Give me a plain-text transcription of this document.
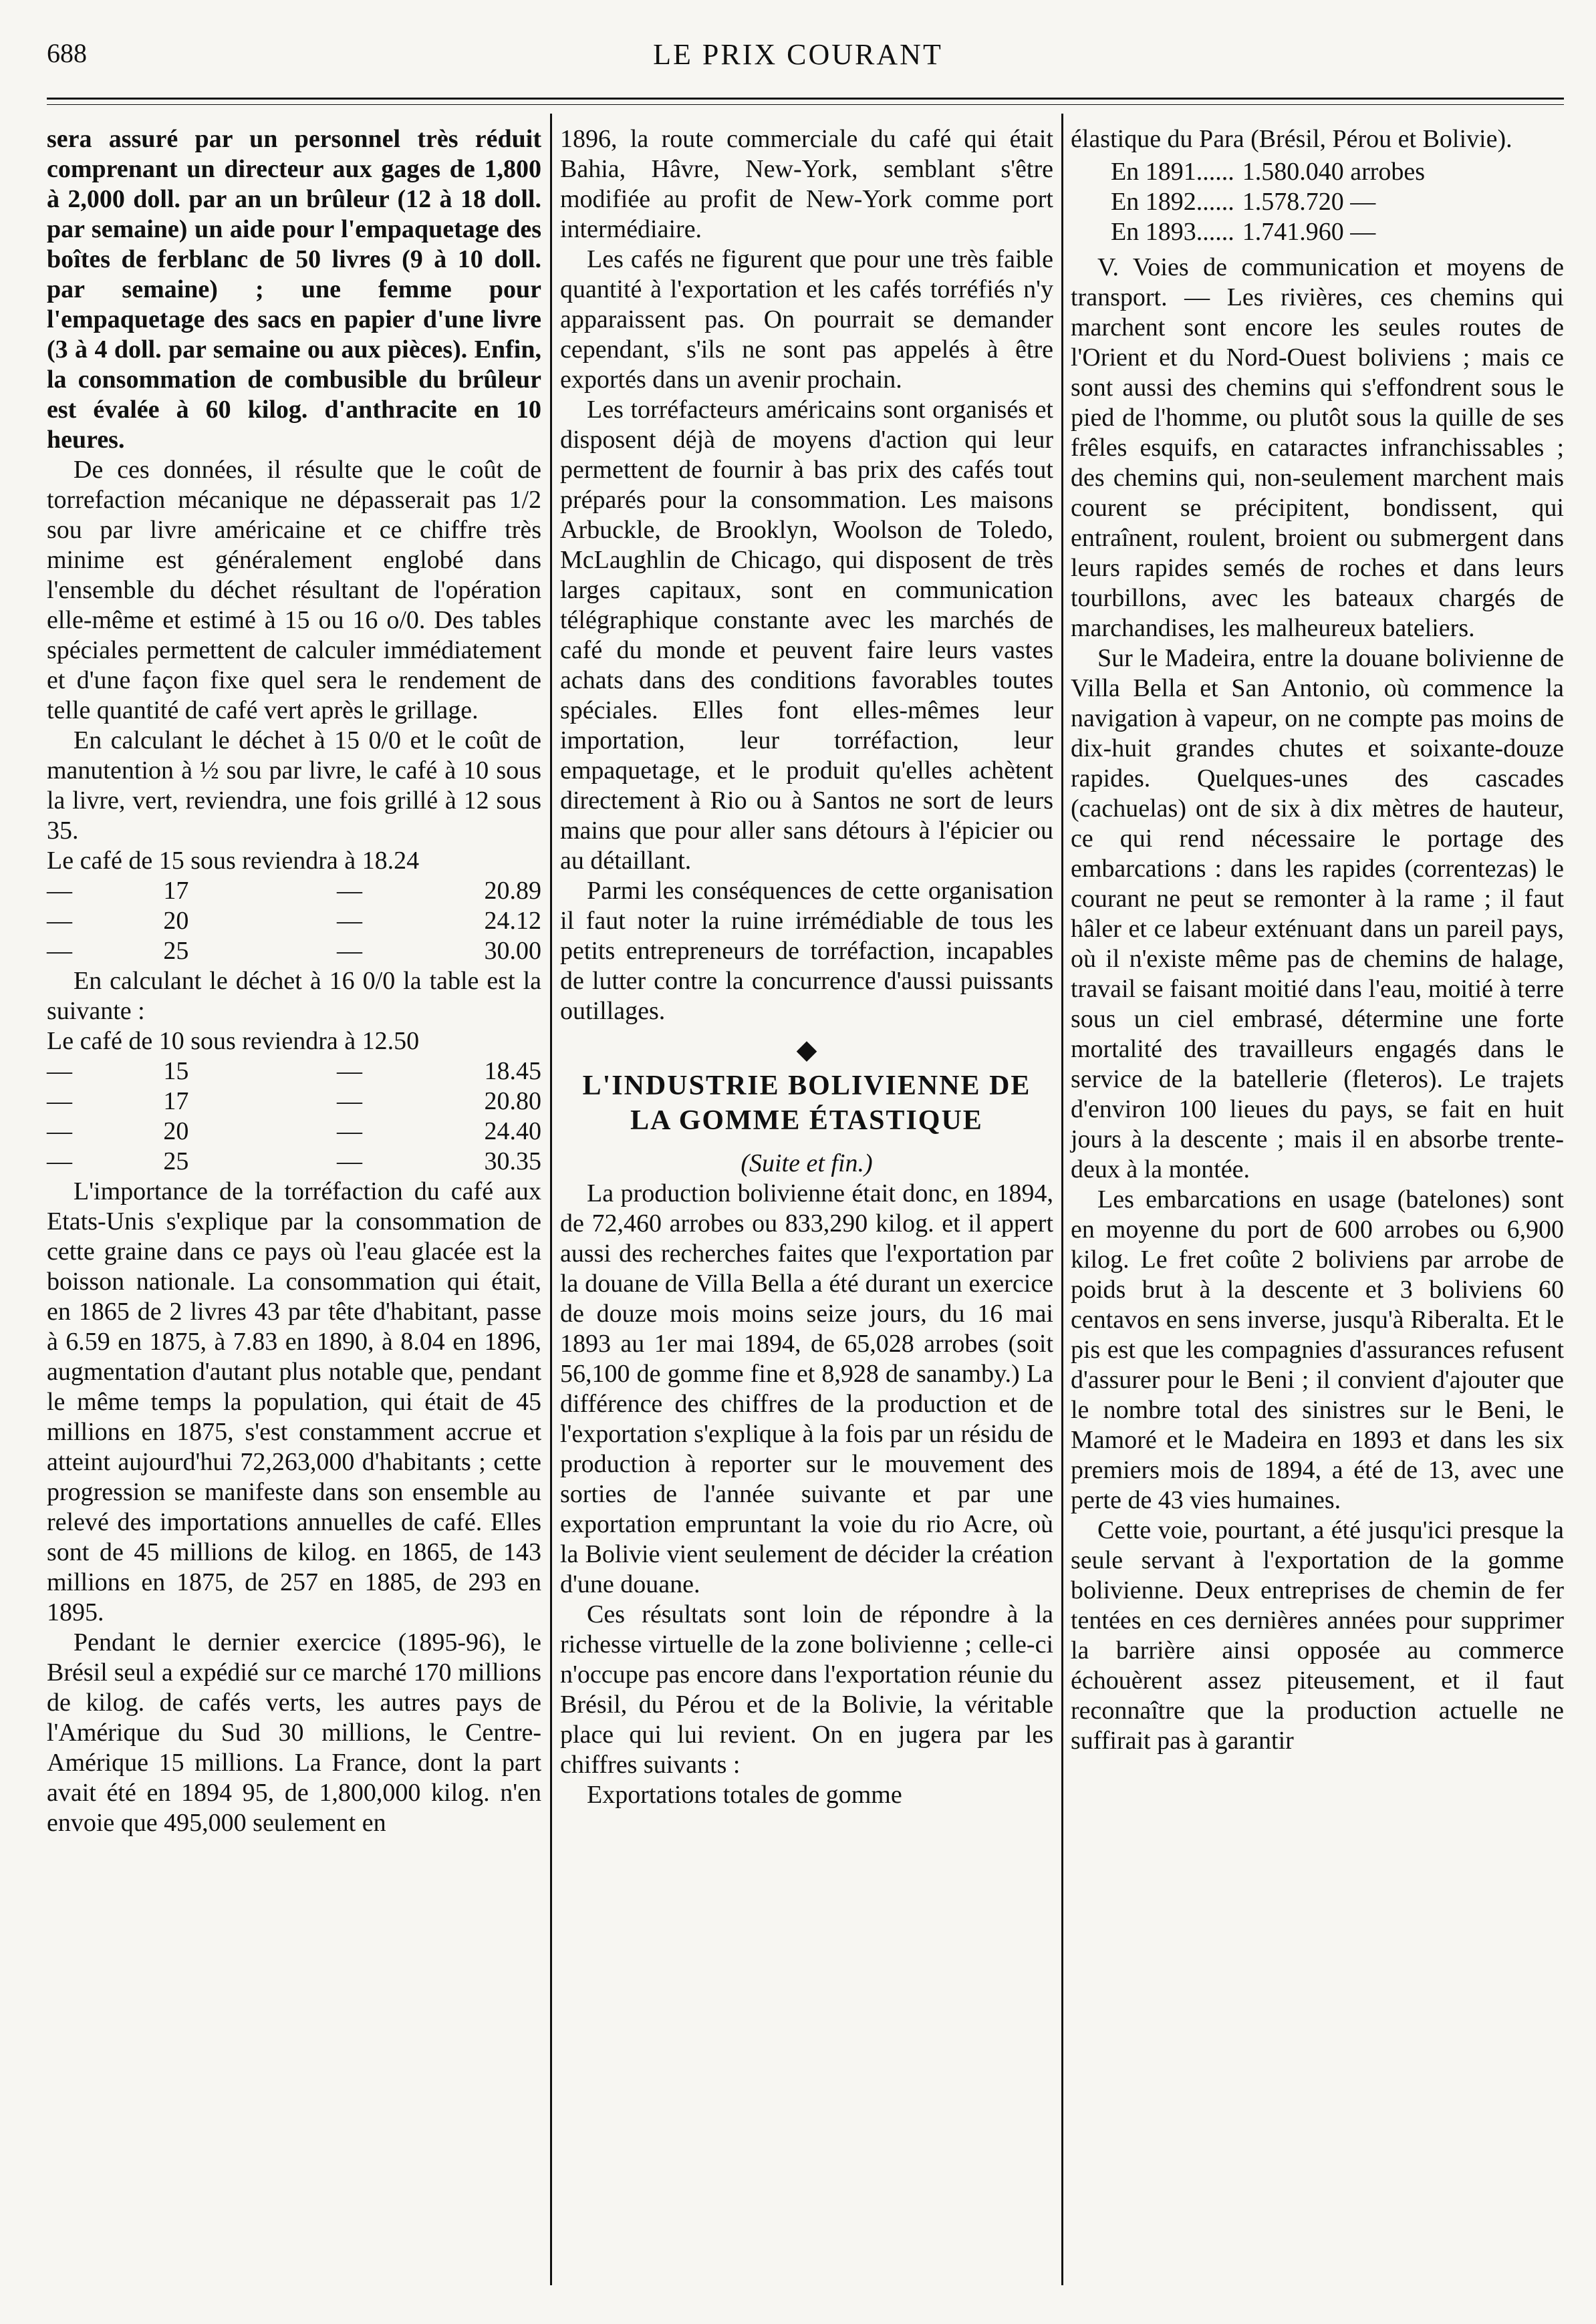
688	LE PRIX COURANT

sera assuré par un personnel très réduit comprenant un directeur aux gages de 1,800 à 2,000 doll. par an un brûleur (12 à 18 doll. par semaine) un aide pour l'empaquetage des boîtes de ferblanc de 50 livres (9 à 10 doll. par semaine) ; une femme pour l'empaquetage des sacs en papier d'une livre (3 à 4 doll. par semaine ou aux pièces). Enfin, la consommation de combusible du brûleur est évalée à 60 kilog. d'anthracite en 10 heures.

De ces données, il résulte que le coût de torrefaction mécanique ne dépasserait pas 1/2 sou par livre américaine et ce chiffre très minime est généralement englobé dans l'ensemble du déchet résultant de l'opération elle-même et estimé à 15 ou 16 o/0. Des tables spéciales permettent de calculer immédiatement et d'une façon fixe quel sera le rendement de telle quantité de café vert après le grillage.

En calculant le déchet à 15 0/0 et le coût de manutention à ½ sou par livre, le café à 10 sous la livre, vert, reviendra, une fois grillé à 12 sous 35.

Le café de 15 sous reviendra à 18.24

—	17	—	20.89
—	20	—	24.12
—	25	—	30.00

En calculant le déchet à 16 0/0 la table est la suivante :

Le café de 10 sous reviendra à 12.50

—	15	—	18.45
—	17	—	20.80
—	20	—	24.40
—	25	—	30.35

L'importance de la torréfaction du café aux Etats-Unis s'explique par la consommation de cette graine dans ce pays où l'eau glacée est la boisson nationale. La consommation qui était, en 1865 de 2 livres 43 par tête d'habitant, passe à 6.59 en 1875, à 7.83 en 1890, à 8.04 en 1896, augmentation d'autant plus notable que, pendant le même temps la population, qui était de 45 millions en 1875, s'est constamment accrue et atteint aujourd'hui 72,263,000 d'habitants ; cette progression se manifeste dans son ensemble au relevé des importations annuelles de café. Elles sont de 45 millions de kilog. en 1865, de 143 millions en 1875, de 257 en 1885, de 293 en 1895.

Pendant le dernier exercice (1895-96), le Brésil seul a expédié sur ce marché 170 millions de kilog. de cafés verts, les autres pays de l'Amérique du Sud 30 millions, le Centre-Amérique 15 millions. La France, dont la part avait été en 1894 95, de 1,800,000 kilog. n'en envoie que 495,000 seulement en

1896, la route commerciale du café qui était Bahia, Hâvre, New-York, semblant s'être modifiée au profit de New-York comme port intermédiaire.

Les cafés ne figurent que pour une très faible quantité à l'exportation et les cafés torréfiés n'y apparaissent pas. On pourrait se demander cependant, s'ils ne sont pas appelés à être exportés dans un avenir prochain.

Les torréfacteurs américains sont organisés et disposent déjà de moyens d'action qui leur permettent de fournir à bas prix des cafés tout préparés pour la consommation. Les maisons Arbuckle, de Brooklyn, Woolson de Toledo, McLaughlin de Chicago, qui disposent de très larges capitaux, sont en communication télégraphique constante avec les marchés de café du monde et peuvent faire leurs vastes achats dans des conditions favorables toutes spéciales. Elles font elles-mêmes leur importation, leur torréfaction, leur empaquetage, et le produit qu'elles achètent directement à Rio ou à Santos ne sort de leurs mains que pour aller sans détours à l'épicier ou au détaillant.

Parmi les conséquences de cette organisation il faut noter la ruine irrémédiable de tous les petits entrepreneurs de torréfaction, incapables de lutter contre la concurrence d'aussi puissants outillages.

◆
L'INDUSTRIE BOLIVIENNE DE
LA GOMME ÉTASTIQUE

(Suite et fin.)

La production bolivienne était donc, en 1894, de 72,460 arrobes ou 833,290 kilog. et il appert aussi des recherches faites que l'exportation par la douane de Villa Bella a été durant un exercice de douze mois moins seize jours, du 16 mai 1893 au 1er mai 1894, de 65,028 arrobes (soit 56,100 de gomme fine et 8,928 de sanamby.) La différence des chiffres de la production et de l'exportation s'explique à la fois par un résidu de production à reporter sur le mouvement des sorties de l'année suivante et par une exportation empruntant la voie du rio Acre, où la Bolivie vient seulement de décider la création d'une douane.

Ces résultats sont loin de répondre à la richesse virtuelle de la zone bolivienne ; celle-ci n'occupe pas encore dans l'exportation réunie du Brésil, du Pérou et de la Bolivie, la véritable place qui lui revient. On en jugera par les chiffres suivants :

Exportations totales de gomme

élastique du Para (Brésil, Pérou et Bolivie).

En 1891......	1.580.040 arrobes
En 1892......	1.578.720 —
En 1893......	1.741.960 —

V. Voies de communication et moyens de transport. — Les rivières, ces chemins qui marchent sont encore les seules routes de l'Orient et du Nord-Ouest boliviens ; mais ce sont aussi des chemins qui s'effondrent sous le pied de l'homme, ou plutôt sous la quille de ses frêles esquifs, en cataractes infranchissables ; des chemins qui, non-seulement marchent mais courent se précipitent, bondissent, qui entraînent, roulent, broient ou submergent dans leurs rapides semés de roches et dans leurs tourbillons, avec les bateaux chargés de marchandises, les malheureux bateliers.

Sur le Madeira, entre la douane bolivienne de Villa Bella et San Antonio, où commence la navigation à vapeur, on ne compte pas moins de dix-huit grandes chutes et soixante-douze rapides. Quelques-unes des cascades (cachuelas) ont de six à dix mètres de hauteur, ce qui rend nécessaire le portage des embarcations : dans les rapides (correntezas) le courant ne peut se remonter à la rame ; il faut hâler et ce labeur exténuant dans un pareil pays, où il n'existe même pas de chemins de halage, travail se faisant moitié dans l'eau, moitié à terre sous un ciel embrasé, détermine une forte mortalité des travailleurs engagés dans le service de la batellerie (fleteros). Le trajets d'environ 100 lieues du pays, se fait en huit jours à la descente ; mais il en absorbe trente-deux à la montée.

Les embarcations en usage (batelones) sont en moyenne du port de 600 arrobes ou 6,900 kilog. Le fret coûte 2 boliviens par arrobe de poids brut à la descente et 3 boliviens 60 centavos en sens inverse, jusqu'à Riberalta. Et le pis est que les compagnies d'assurances refusent d'assurer pour le Beni ; il convient d'ajouter que le nombre total des sinistres sur le Beni, le Mamoré et le Madeira en 1893 et dans les six premiers mois de 1894, a été de 13, avec une perte de 43 vies humaines.

Cette voie, pourtant, a été jusqu'ici presque la seule servant à l'exportation de la gomme bolivienne. Deux entreprises de chemin de fer tentées en ces dernières années pour supprimer la barrière ainsi opposée au commerce échouèrent assez piteusement, et il faut reconnaître que la production actuelle ne suffirait pas à garantir
